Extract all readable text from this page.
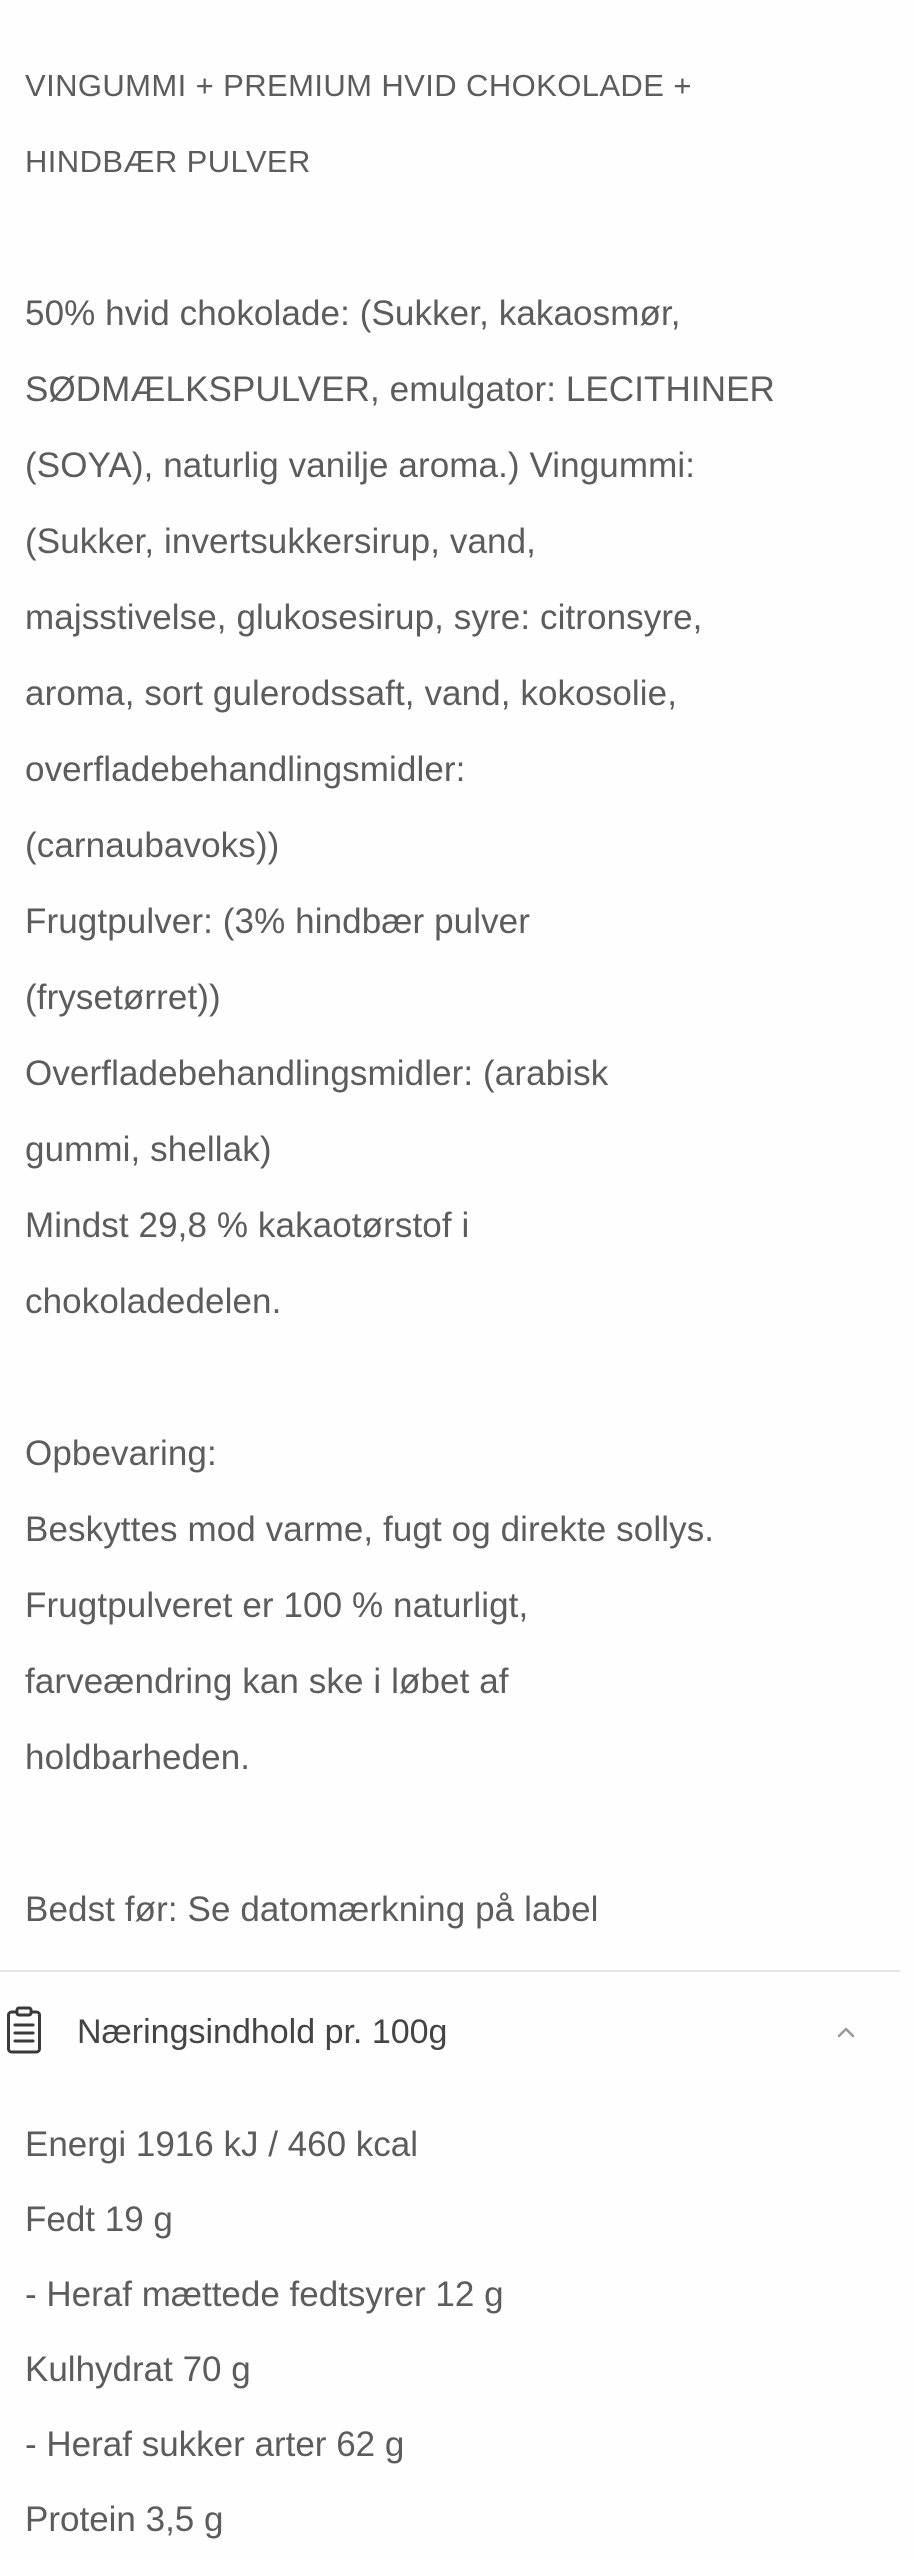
VINGUMMI + PREMIUM HVID CHOKOLADE +
HINDBÆR PULVER
50% hvid chokolade: (Sukker, kakaosmør,
SØDMÆLKSPULVER, emulgator: LECITHINER
(SOYA), naturlig vanilje aroma.) Vingummi:
(Sukker, invertsukkersirup, vand,
majsstivelse, glukosesirup, syre: citronsyre,
aroma, sort gulerodssaft, vand, kokosolie,
overfladebehandlingsmidler:
(carnaubavoks))
Frugtpulver: (3% hindbær pulver
(frysetørret))
Overfladebehandlingsmidler: (arabisk
gummi, shellak)
Mindst 29,8 % kakaotørstof i
chokoladedelen.
Opbevaring:
Beskyttes mod varme, fugt og direkte sollys.
Frugtpulveret er 100 % naturligt,
farveændring kan ske i løbet af
holdbarheden.
Bedst før: Se datomærkning på label
Næringsindhold pr. 100g
Energi 1916 kJ / 460 kcal
Fedt 19 g
- Heraf mættede fedtsyrer 12 g
Kulhydrat 70 g
- Heraf sukker arter 62 g
Protein 3,5 g
